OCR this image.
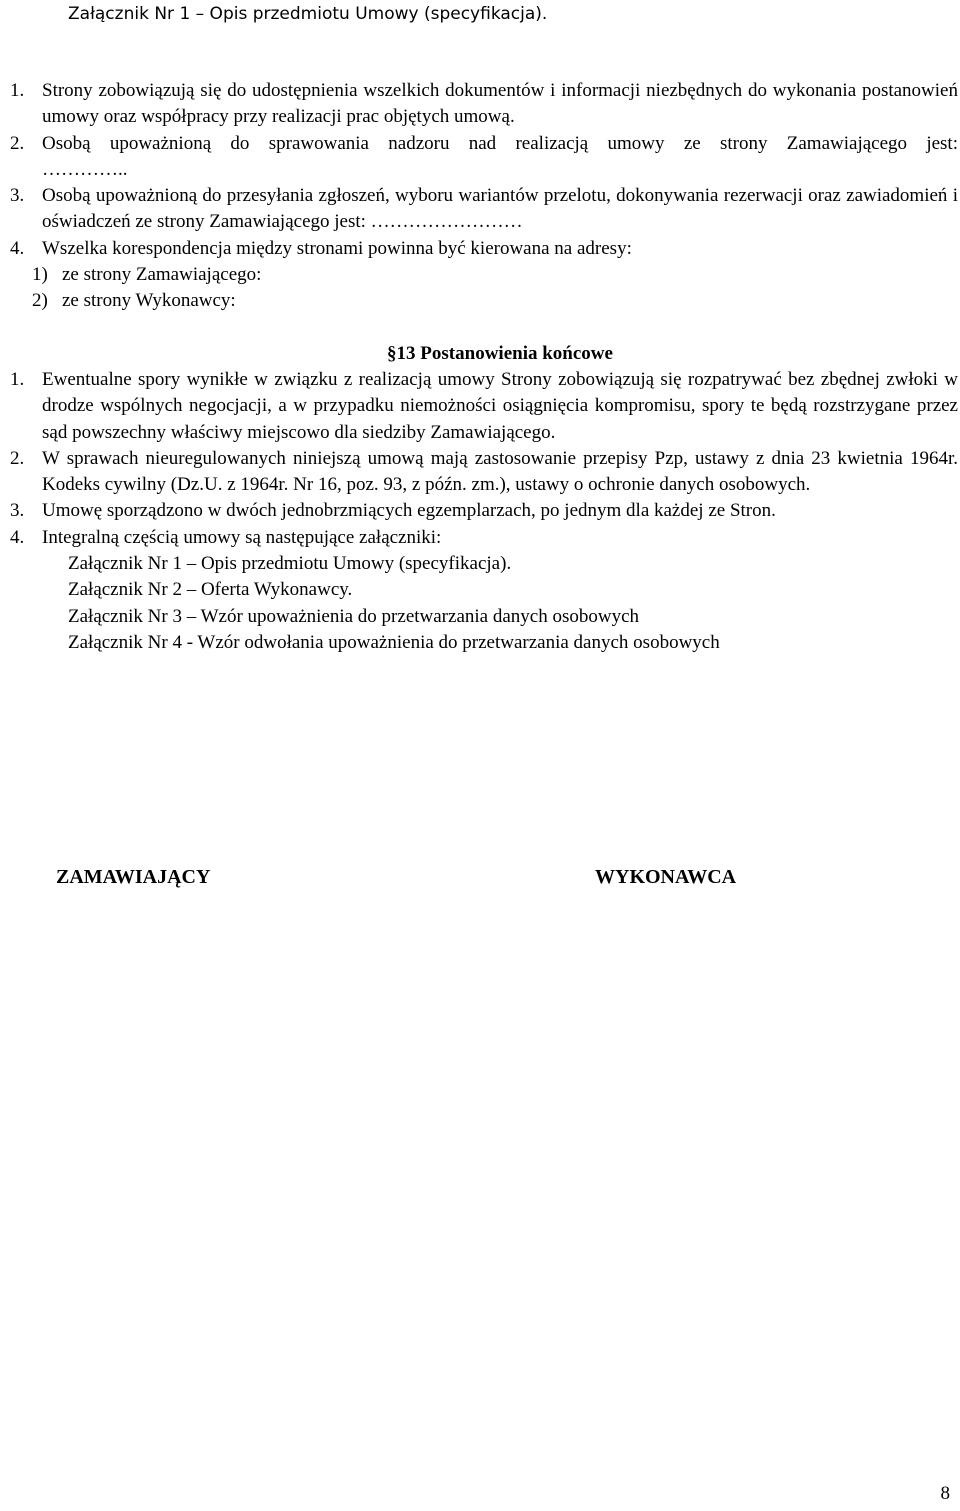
Załącznik Nr 1 – Opis przedmiotu Umowy (specyfikacja).
1. Strony zobowiązują się do udostępnienia wszelkich dokumentów i informacji niezbędnych do wykonania postanowień umowy oraz współpracy przy realizacji prac objętych umową.
2. Osobą upoważnioną do sprawowania nadzoru nad realizacją umowy ze strony Zamawiającego jest:
…………..
3. Osobą upoważnioną do przesyłania zgłoszeń, wyboru wariantów przelotu, dokonywania rezerwacji oraz zawiadomień i oświadczeń ze strony Zamawiającego jest: ……………………
4. Wszelka korespondencja między stronami powinna być kierowana na adresy:
1) ze strony Zamawiającego:
2) ze strony Wykonawcy:
§13 Postanowienia końcowe
1. Ewentualne spory wynikłe w związku z realizacją umowy Strony zobowiązują się rozpatrywać bez zbędnej zwłoki w drodze wspólnych negocjacji, a w przypadku niemożności osiągnięcia kompromisu, spory te będą rozstrzygane przez sąd powszechny właściwy miejscowo dla siedziby Zamawiającego.
2. W sprawach nieuregulowanych niniejszą umową mają zastosowanie przepisy Pzp, ustawy z dnia 23 kwietnia 1964r. Kodeks cywilny (Dz.U. z 1964r. Nr 16, poz. 93, z późn. zm.), ustawy o ochronie danych osobowych.
3. Umowę sporządzono w dwóch jednobrzmiących egzemplarzach, po jednym dla każdej ze Stron.
4. Integralną częścią umowy są następujące załączniki:
Załącznik Nr 1 – Opis przedmiotu Umowy (specyfikacja).
Załącznik Nr 2 – Oferta Wykonawcy.
Załącznik Nr 3 – Wzór upoważnienia do przetwarzania danych osobowych
Załącznik Nr 4 - Wzór odwołania upoważnienia do przetwarzania danych osobowych
ZAMAWIAJĄCY	WYKONAWCA
8
